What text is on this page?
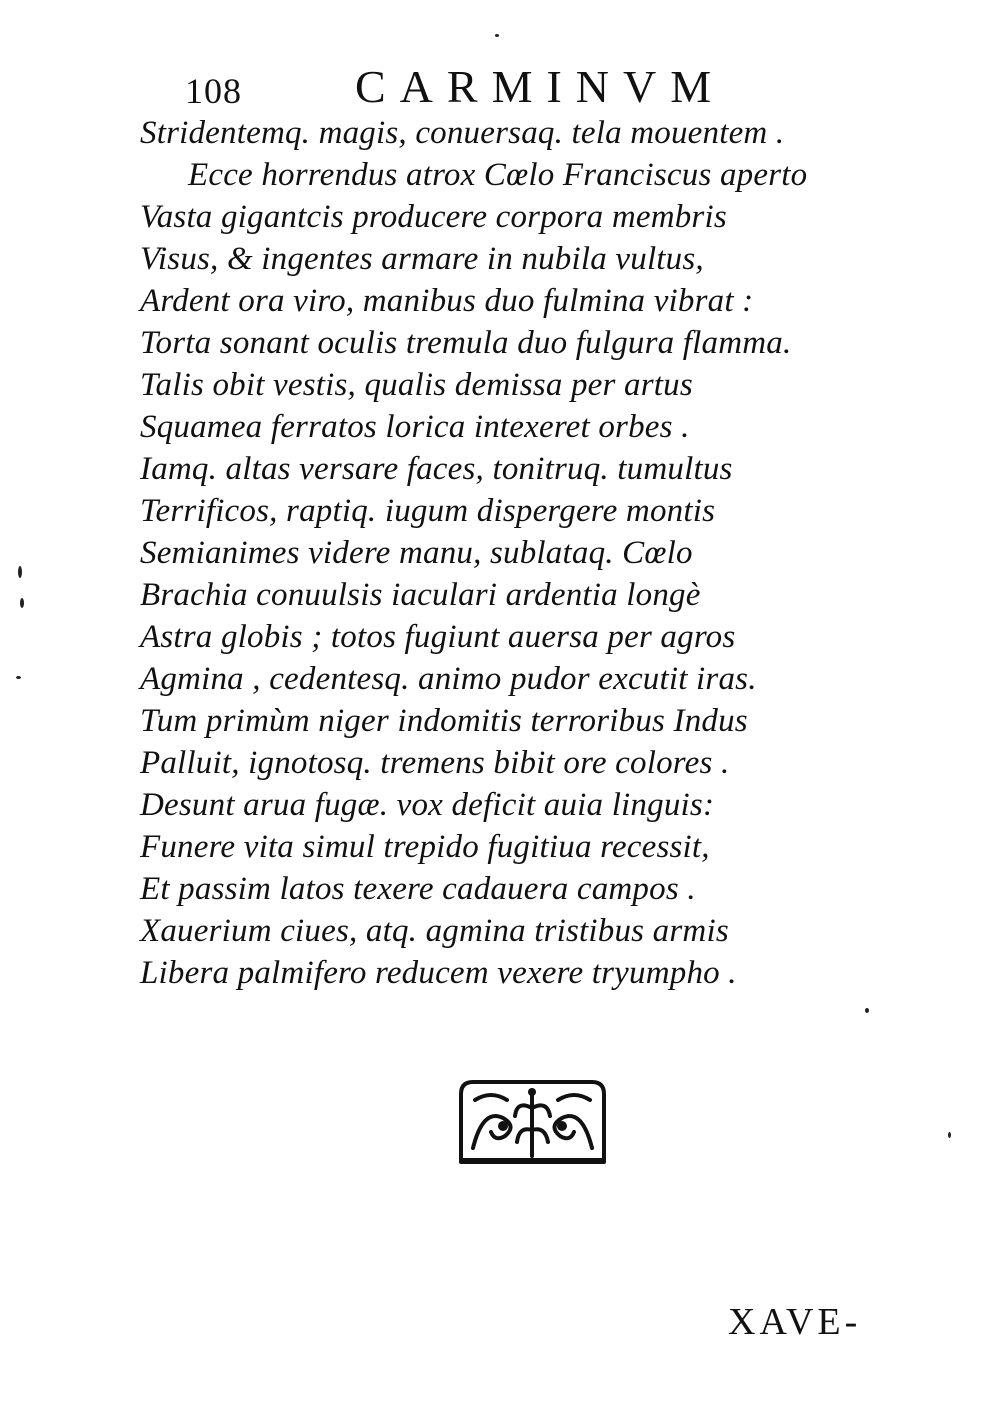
108 CARMINVM
Stridentemq. magis, conuersaq. tela mouentem .
Ecce horrendus atrox Cœlo Franciscus aperto
Vasta gigantcis producere corpora membris
Visus, & ingentes armare in nubila vultus,
Ardent ora viro, manibus duo fulmina vibrat :
Torta sonant oculis tremula duo fulgura flamma.
Talis obit vestis, qualis demissa per artus
Squamea ferratos lorica intexeret orbes .
Iamq. altas versare faces, tonitruq. tumultus
Terrificos, raptiq. iugum dispergere montis
Semianimes videre manu, sublataq. Cœlo
Brachia conuulsis iaculari ardentia longè
Astra globis ; totos fugiunt auersa per agros
Agmina , cedentesq. animo pudor excutit iras.
Tum primùm niger indomitis terroribus Indus
Palluit, ignotosq. tremens bibit ore colores .
Desunt arua fugæ. vox deficit auia linguis:
Funere vita simul trepido fugitiua recessit,
Et passim latos texere cadauera campos .
Xauerium ciues, atq. agmina tristibus armis
Libera palmifero reducem vexere tryumpho .
XAVE-
